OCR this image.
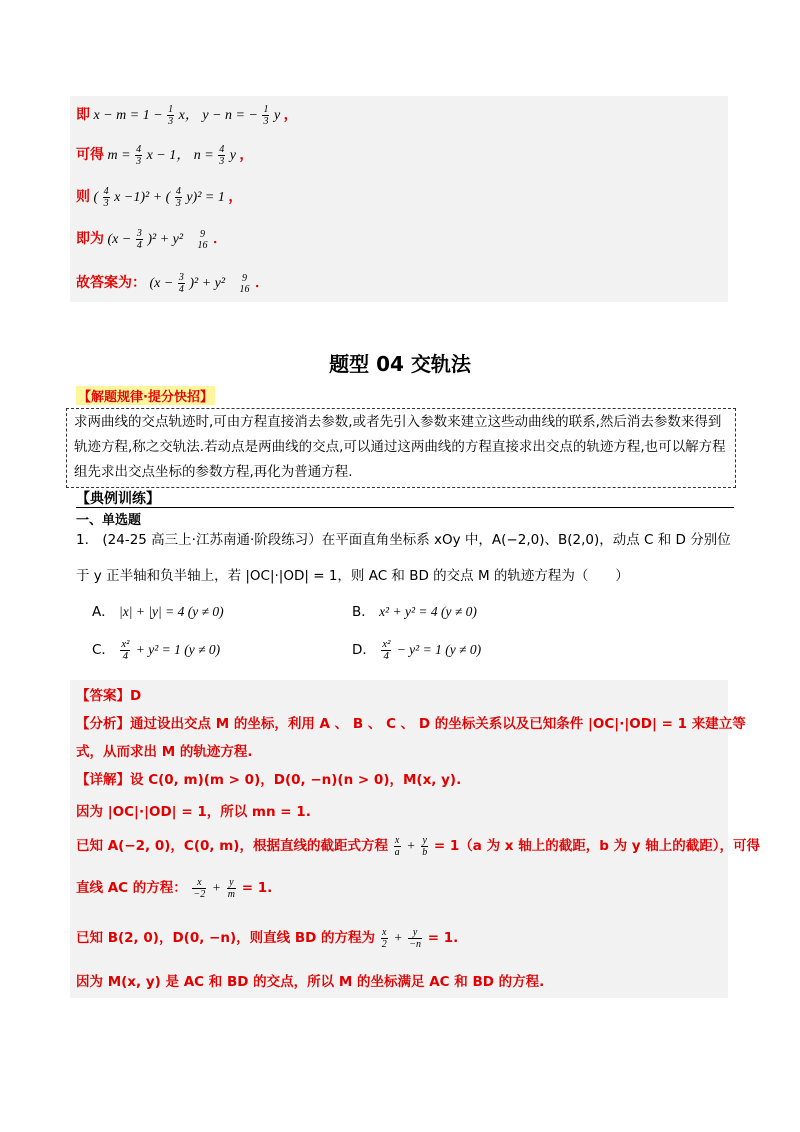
即 $x - m = 1 - \frac{1}{3}$ x， y − n = − $\frac{1}{3}$ y ，
可得 $m = \frac{4}{3}$ x − 1， $n = \frac{4}{3}$ y ，
则 ( $\frac{4}{3}$ x −1)² + ( $\frac{4}{3} y)^2 = 1$ ，
即为 $(x - \frac{3}{4} )^2 + y^2$	9
16 ．
故答案为： $(x - \frac{3}{4} )^2 + y^2$	9
16 ．
题型 04 交轨法
【解题规律·提分快招】
求两曲线的交点轨迹时,可由方程直接消去参数,或者先引入参数来建立这些动曲线的联系,然后消去参数来得到轨迹方程,称之交轨法.若动点是两曲线的交点,可以通过这两曲线的方程直接求出交点的轨迹方程,也可以解方程组先求出交点坐标的参数方程,再化为普通方程.
【典例训练】
一、单选题
1.　(24-25 高三上·江苏南通·阶段练习）在平面直角坐标系 xOy 中，A(−2,0)、B(2,0)，动点 C 和 D 分别位
于 y 正半轴和负半轴上，若 |OC|·|OD| = 1，则 AC 和 BD 的交点 M 的轨迹方程为（　　）
A． |x| + |y| = 4 (y ≠ 0)	B． x² + y² = 4 (y ≠ 0)
C． $\frac{\text{x²}}{4} + y^2 = 1$ (y ≠ 0)	D． $\frac{\text{x²}}{4} - y^2 = 1$ (y ≠ 0)
【答案】D
【分析】通过设出交点 M 的坐标，利用 A 、 B 、 C 、 D 的坐标关系以及已知条件 |OC|·|OD| = 1 来建立等
式，从而求出 M 的轨迹方程.
【详解】设 C(0, m)(m > 0)，D(0, −n)(n > 0)，M(x, y).
因为 |OC|·|OD| = 1，所以 mn = 1.
已知 A(−2, 0)，C(0, m)，根据直线的截距式方程 $\frac{x}{a} + \frac{y}{b} = 1(a$ 为 x 轴上的截距，b 为 y 轴上的截距），可得
直线 AC 的方程： $\frac{x}{-2} + \frac{y}{m} = 1$.
已知 B(2, 0)，D(0, −n)，则直线 BD 的方程为 $\frac{x}{2} + \frac{y}{-n} = 1$.
因为 M(x, y) 是 AC 和 BD 的交点，所以 M 的坐标满足 AC 和 BD 的方程.
